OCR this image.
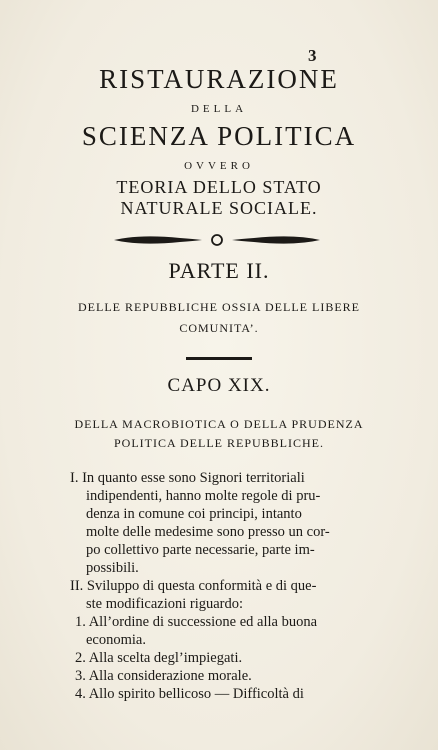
3
RISTAURAZIONE
DELLA
SCIENZA POLITICA
OVVERO
TEORIA DELLO STATO
NATURALE SOCIALE.
PARTE II.
DELLE REPUBBLICHE OSSIA DELLE LIBERE
COMUNITA’.
CAPO XIX.
DELLA MACROBIOTICA O DELLA PRUDENZA
POLITICA DELLE REPUBBLICHE.
I. In quanto esse sono Signori territoriali
indipendenti, hanno molte regole di pru-
denza in comune coi principi, intanto
molte delle medesime sono presso un cor-
po collettivo parte necessarie, parte im-
possibili.
II. Sviluppo di questa conformità e di que-
ste modificazioni riguardo:
1. All’ordine di successione ed alla buona
economia.
2. Alla scelta degl’impiegati.
3. Alla considerazione morale.
4. Allo spirito bellicoso — Difficoltà di
